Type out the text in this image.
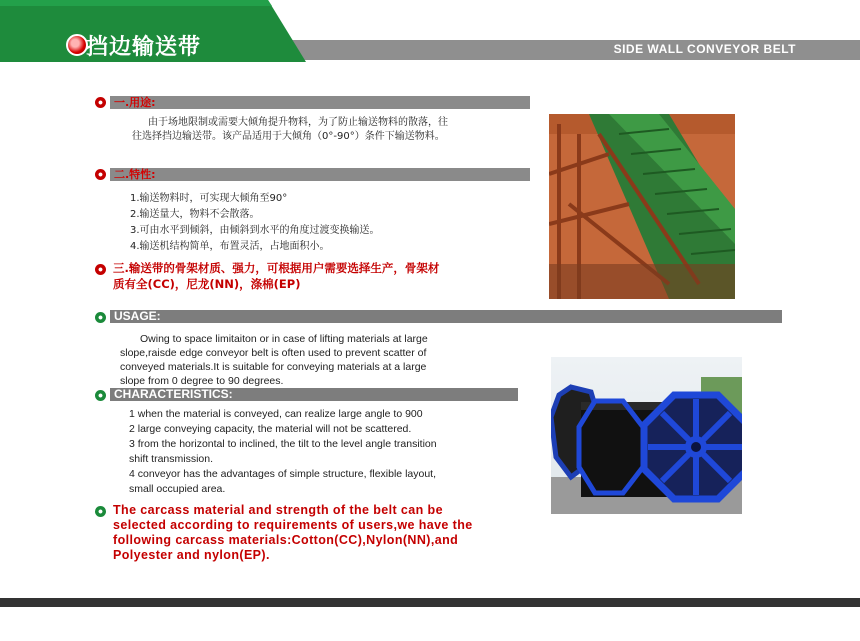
挡边输送带	SIDE WALL CONVEYOR BELT
一.用途:
由于场地限制或需要大倾角提升物料，为了防止输送物料的散落，往
往选择挡边输送带。该产品适用于大倾角（0°-90°）条件下输送物料。
二.特性:
1.输送物料时，可实现大倾角至90°
2.输送量大，物料不会散落。
3.可由水平到倾斜，由倾斜到水平的角度过渡变换输送。
4.输送机结构简单，布置灵活，占地面积小。
三.输送带的骨架材质、强力，可根据用户需要选择生产，骨架材
质有全(CC)，尼龙(NN)，涤棉(EP)
USAGE:
Owing to space limitaiton or in case of lifting materials at large
slope,raisde edge conveyor belt is often used to prevent scatter of
conveyed materials.It is suitable for conveying materials at a large
slope from 0 degree to 90 degrees.
CHARACTERISTICS:
1 when the material is conveyed, can realize large angle to 900
2 large conveying capacity, the material will not be scattered.
3 from the horizontal to inclined, the tilt to the level angle transition
shift transmission.
4 conveyor has the advantages of simple structure, flexible layout,
small occupied area.
The carcass material and strength of the belt can be
selected according to requirements of users,we have the
following carcass materials:Cotton(CC),Nylon(NN),and
Polyester and nylon(EP).
